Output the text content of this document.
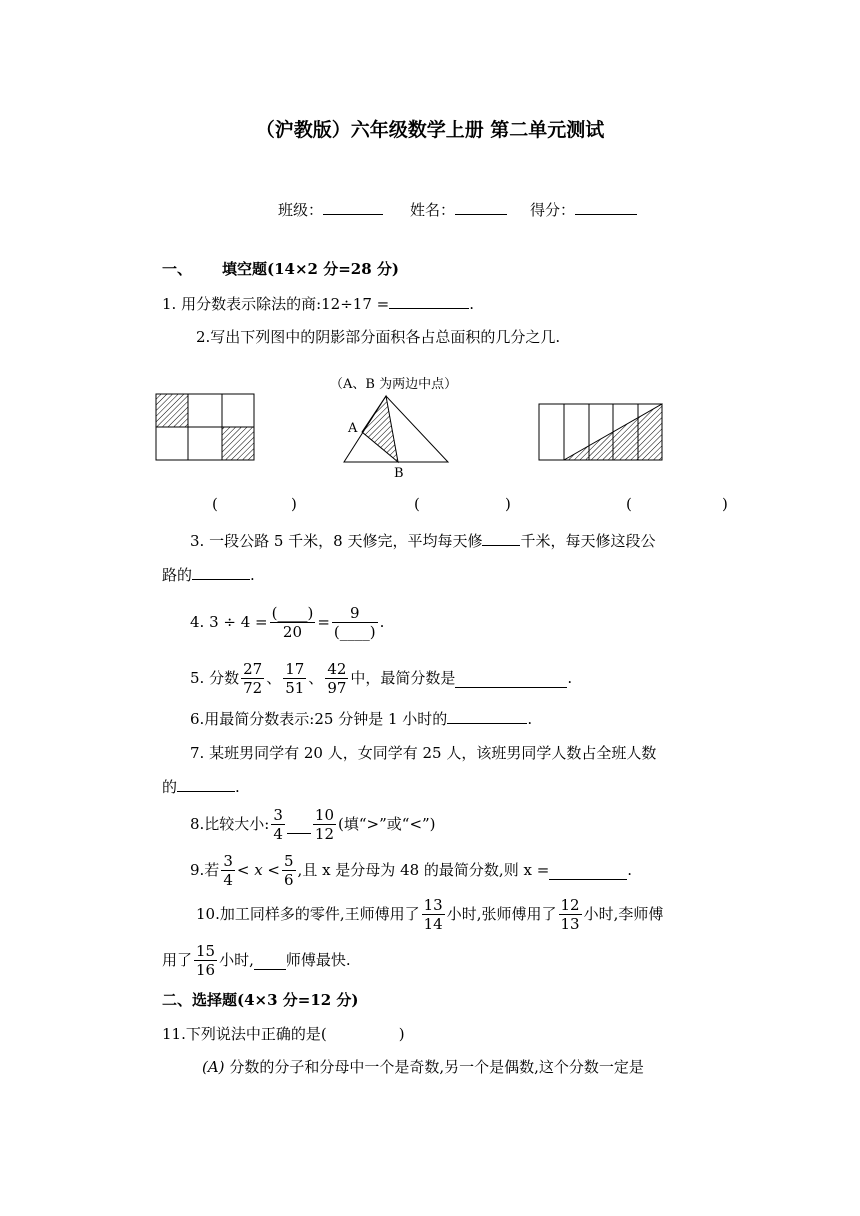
（沪教版）六年级数学上册 第二单元测试
班级：	姓名：	得分：
一、 填空题(14×2 分=28 分)
1. 用分数表示除法的商:12÷17 =	.
2.写出下列图中的阴影部分面积各占总面积的几分之几.
（A、B 为两边中点）
A
B
(	)	(	)	(	)
3. 一段公路 5 千米，8 天修完，平均每天修	千米，每天修这段公
路的	.
4. $3 \div 4 = \frac{(\_\_\_\_)}{20} = \frac{9}{(\_\_\_\_)}$ .
5. 分数 $\frac{27}{72}$ 、 $\frac{17}{51}$ 、 $\frac{42}{97}$ 中，最简分数是	.
6.用最简分数表示:25 分钟是 1 小时的	.
7. 某班男同学有 20 人，女同学有 25 人，该班男同学人数占全班人数
的	.
8.比较大小: $\frac{3}{4} \frac{10}{12}$ (填“>”或“<”)
9.若 $\frac{3}{4} < x < \frac{5}{6}$ ,且 x 是分母为 48 的最简分数,则 x =	.
10.加工同样多的零件,王师傅用了 $\frac{13}{14}$ 小时,张师傅用了 $\frac{12}{13}$ 小时,李师傅
用了 $\frac{15}{16}$ 小时, 师傅最快.
二、选择题(4×3 分=12 分)
11.下列说法中正确的是(	)
(A) 分数的分子和分母中一个是奇数,另一个是偶数,这个分数一定是
